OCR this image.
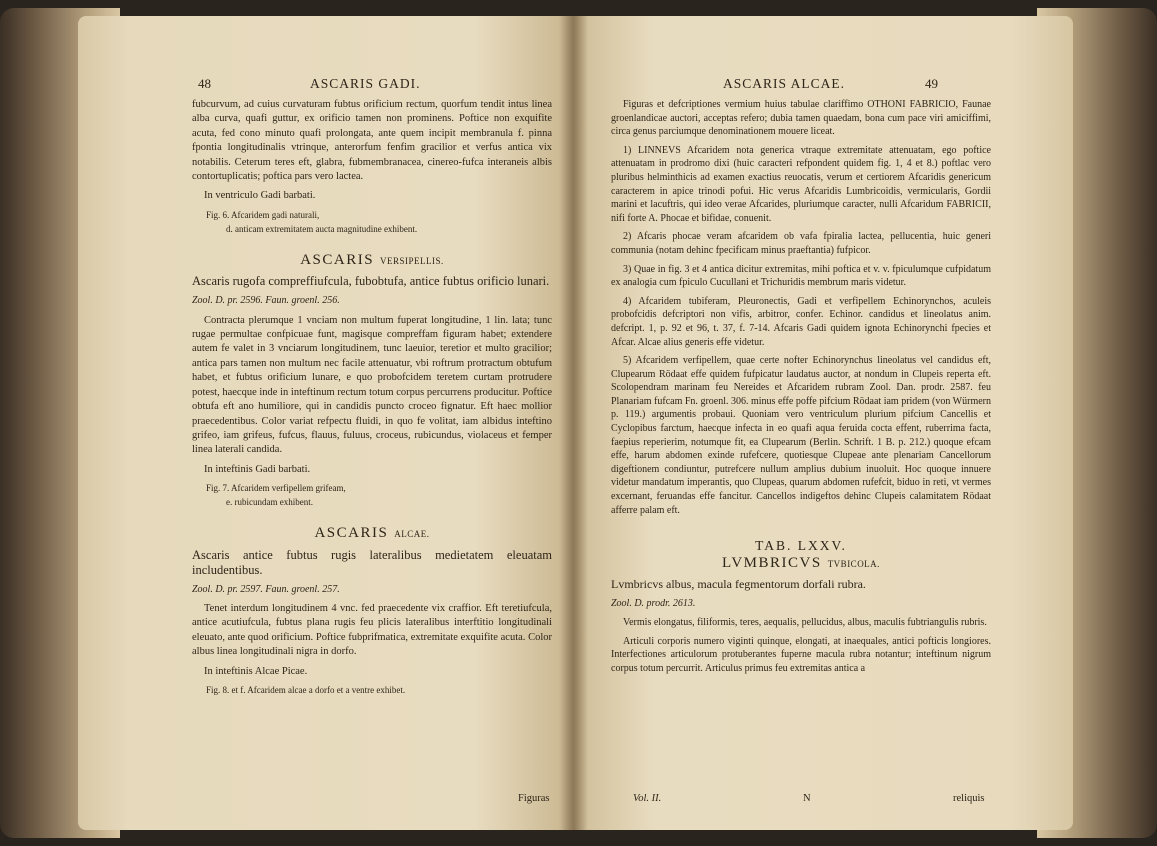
48	ASCARIS GADI.

fubcurvum, ad cuius curvaturam fubtus orificium rectum, quorfum tendit intus linea alba curva, quafi guttur, ex orificio tamen non prominens. Poftice non exquifite acuta, fed cono minuto quafi prolongata, ante quem incipit membranula f. pinna fpontia longitudinalis vtrinque, anterorfum fenfim gracilior et verfus antica vix notabilis. Ceterum teres eft, glabra, fubmembranacea, cinereo-fufca interaneis albis contortuplicatis; poftica pars vero lactea.

In ventriculo Gadi barbati.

Fig. 6. Afcaridem gadi naturali,
d. anticam extremitatem aucta magnitudine exhibent.
ASCARIS VERSIPELLIS.

Ascaris rugofa compreffiufcula, fubobtufa, antice fubtus orificio lunari.

Zool. D. pr. 2596. Faun. groenl. 256.

Contracta plerumque 1 vnciam non multum fuperat longitudine, 1 lin. lata; tunc rugae permultae confpicuae funt, magisque compreffam figuram habet; extendere autem fe valet in 3 vnciarum longitudinem, tunc laeuior, teretior et multo gracilior; antica pars tamen non multum nec facile attenuatur, vbi roftrum protractum obtufum habet, et fubtus orificium lunare, e quo probofcidem teretem curtam protrudere potest, haecque inde in inteftinum rectum totum corpus percurrens producitur. Poftice obtufa eft ano humiliore, qui in candidis puncto croceo fignatur. Eft haec mollior praecedentibus. Color variat refpectu fluidi, in quo fe volitat, iam albidus inteftino grifeo, iam grifeus, fufcus, flauus, fuluus, croceus, rubicundus, violaceus et femper linea laterali candida.

In inteftinis Gadi barbati.

Fig. 7. Afcaridem verfipellem grifeam,
e. rubicundam exhibent.
ASCARIS ALCAE.

Ascaris antice fubtus rugis lateralibus medietatem eleuatam includentibus.

Zool. D. pr. 2597. Faun. groenl. 257.

Tenet interdum longitudinem 4 vnc. fed praecedente vix craffior. Eft teretiufcula, antice acutiufcula, fubtus plana rugis feu plicis lateralibus interftitio longitudinali eleuato, ante quod orificium. Poftice fubprifmatica, extremitate exquifite acuta. Color albus linea longitudinali nigra in dorfo.

In inteftinis Alcae Picae.

Fig. 8. et f. Afcaridem alcae a dorfo et a ventre exhibet.
Figuras
ASCARIS ALCAE.	49

Figuras et defcriptiones vermium huius tabulae clariffimo OTHONI FABRICIO, Faunae groenlandicae auctori, acceptas refero; dubia tamen quaedam, bona cum pace viri amiciffimi, circa genus parciumque denominationem mouere liceat.

1) LINNEVS Afcaridem nota generica vtraque extremitate attenuatam, ego poftice attenuatam in prodromo dixi (huic caracteri refpondent quidem fig. 1, 4 et 8.) poftlac vero pluribus helminthicis ad examen exactius reuocatis, verum et certiorem Afcaridis genericum caracterem in apice trinodi pofui. Hic verus Afcaridis Lumbricoidis, vermicularis, Gordii marini et lacuftris, qui ideo verae Afcarides, pluriumque caracter, nulli Afcaridum FABRICII, nifi forte A. Phocae et bifidae, conuenit.

2) Afcaris phocae veram afcaridem ob vafa fpiralia lactea, pellucentia, huic generi communia (notam dehinc fpecificam minus praeftantia) fufpicor.

3) Quae in fig. 3 et 4 antica dicitur extremitas, mihi poftica et v. v. fpiculumque cufpidatum ex analogia cum fpiculo Cucullani et Trichuridis membrum maris videtur.

4) Afcaridem tubiferam, Pleuronectis, Gadi et verfipellem Echinorynchos, aculeis probofcidis defcriptori non vifis, arbitror, confer. Echinor. candidus et lineolatus anim. defcript. 1, p. 92 et 96, t. 37, f. 7-14. Afcaris Gadi quidem ignota Echinorynchi fpecies et Afcar. Alcae alius generis effe videtur.

5) Afcaridem verfipellem, quae certe nofter Echinorynchus lineolatus vel candidus eft, Clupearum Rödaat effe quidem fufpicatur laudatus auctor, at nondum in Clupeis reperta eft. Scolopendram marinam feu Nereides et Afcaridem rubram Zool. Dan. prodr. 2587. feu Planariam fufcam Fn. groenl. 306. minus effe poffe pifcium Rödaat iam pridem (von Würmern p. 119.) argumentis probaui. Quoniam vero ventriculum plurium pifcium Cancellis et Cyclopibus farctum, haecque infecta in eo quafi aqua feruida cocta effent, ruberrima facta, faepius reperierim, notumque fit, ea Clupearum (Berlin. Schrift. 1 B. p. 212.) quoque efcam effe, harum abdomen exinde rufefcere, quotiesque Clupeae ante plenariam Cancellorum digeftionem condiuntur, putrefcere nullum amplius dubium inuoluit. Hoc quoque innuere videtur mandatum imperantis, quo Clupeas, quarum abdomen rufefcit, biduo in reti, vt vermes excernant, feruandas effe fancitur. Cancellos indigeftos dehinc Clupeis calamitatem Rödaat afferre palam eft.

TAB. LXXV.
LVMBRICVS TVBICOLA.

Lvmbricvs albus, macula fegmentorum dorfali rubra.

Zool. D. prodr. 2613.

Vermis elongatus, filiformis, teres, aequalis, pellucidus, albus, maculis fubtriangulis rubris.

Articuli corporis numero viginti quinque, elongati, at inaequales, antici pofticis longiores. Interfectiones articulorum protuberantes fuperne macula rubra notantur; inteftinum nigrum corpus totum percurrit. Articulus primus feu extremitas antica a

Vol. II.	N	reliquis
